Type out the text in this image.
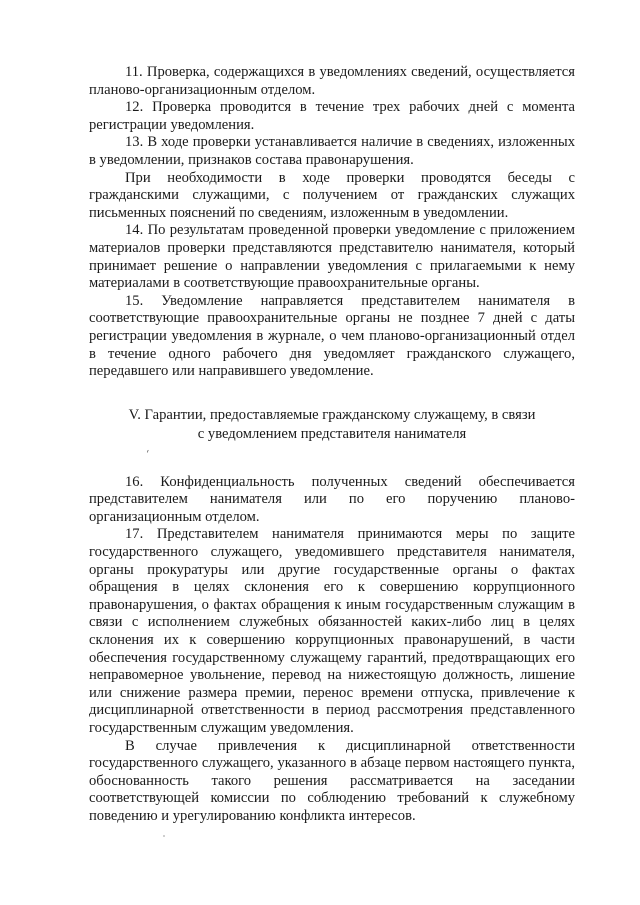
11. Проверка, содержащихся в уведомлениях сведений, осуществляется планово-организационным отделом.

12. Проверка проводится в течение трех рабочих дней с момента регистрации уведомления.

13. В ходе проверки устанавливается наличие в сведениях, изложенных в уведомлении, признаков состава правонарушения.

При необходимости в ходе проверки проводятся беседы с гражданскими служащими, с получением от гражданских служащих письменных пояснений по сведениям, изложенным в уведомлении.

14. По результатам проведенной проверки уведомление с приложением материалов проверки представляются представителю нанимателя, который принимает решение о направлении уведомления с прилагаемыми к нему материалами в соответствующие правоохранительные органы.

15. Уведомление направляется представителем нанимателя в соответствующие правоохранительные органы не позднее 7 дней с даты регистрации уведомления в журнале, о чем планово-организационный отдел в течение одного рабочего дня уведомляет гражданского служащего, передавшего или направившего уведомление.

V. Гарантии, предоставляемые гражданскому служащему, в связи
с уведомлением представителя нанимателя

16. Конфиденциальность полученных сведений обеспечивается представителем нанимателя или по его поручению планово-организационным отделом.

17. Представителем нанимателя принимаются меры по защите государственного служащего, уведомившего представителя нанимателя, органы прокуратуры или другие государственные органы о фактах обращения в целях склонения его к совершению коррупционного правонарушения, о фактах обращения к иным государственным служащим в связи с исполнением служебных обязанностей каких-либо лиц в целях склонения их к совершению коррупционных правонарушений, в части обеспечения государственному служащему гарантий, предотвращающих его неправомерное увольнение, перевод на нижестоящую должность, лишение или снижение размера премии, перенос времени отпуска, привлечение к дисциплинарной ответственности в период рассмотрения представленного государственным служащим уведомления.

В случае привлечения к дисциплинарной ответственности государственного служащего, указанного в абзаце первом настоящего пункта, обоснованность такого решения рассматривается на заседании соответствующей комиссии по соблюдению требований к служебному поведению и урегулированию конфликта интересов.

ˊ
